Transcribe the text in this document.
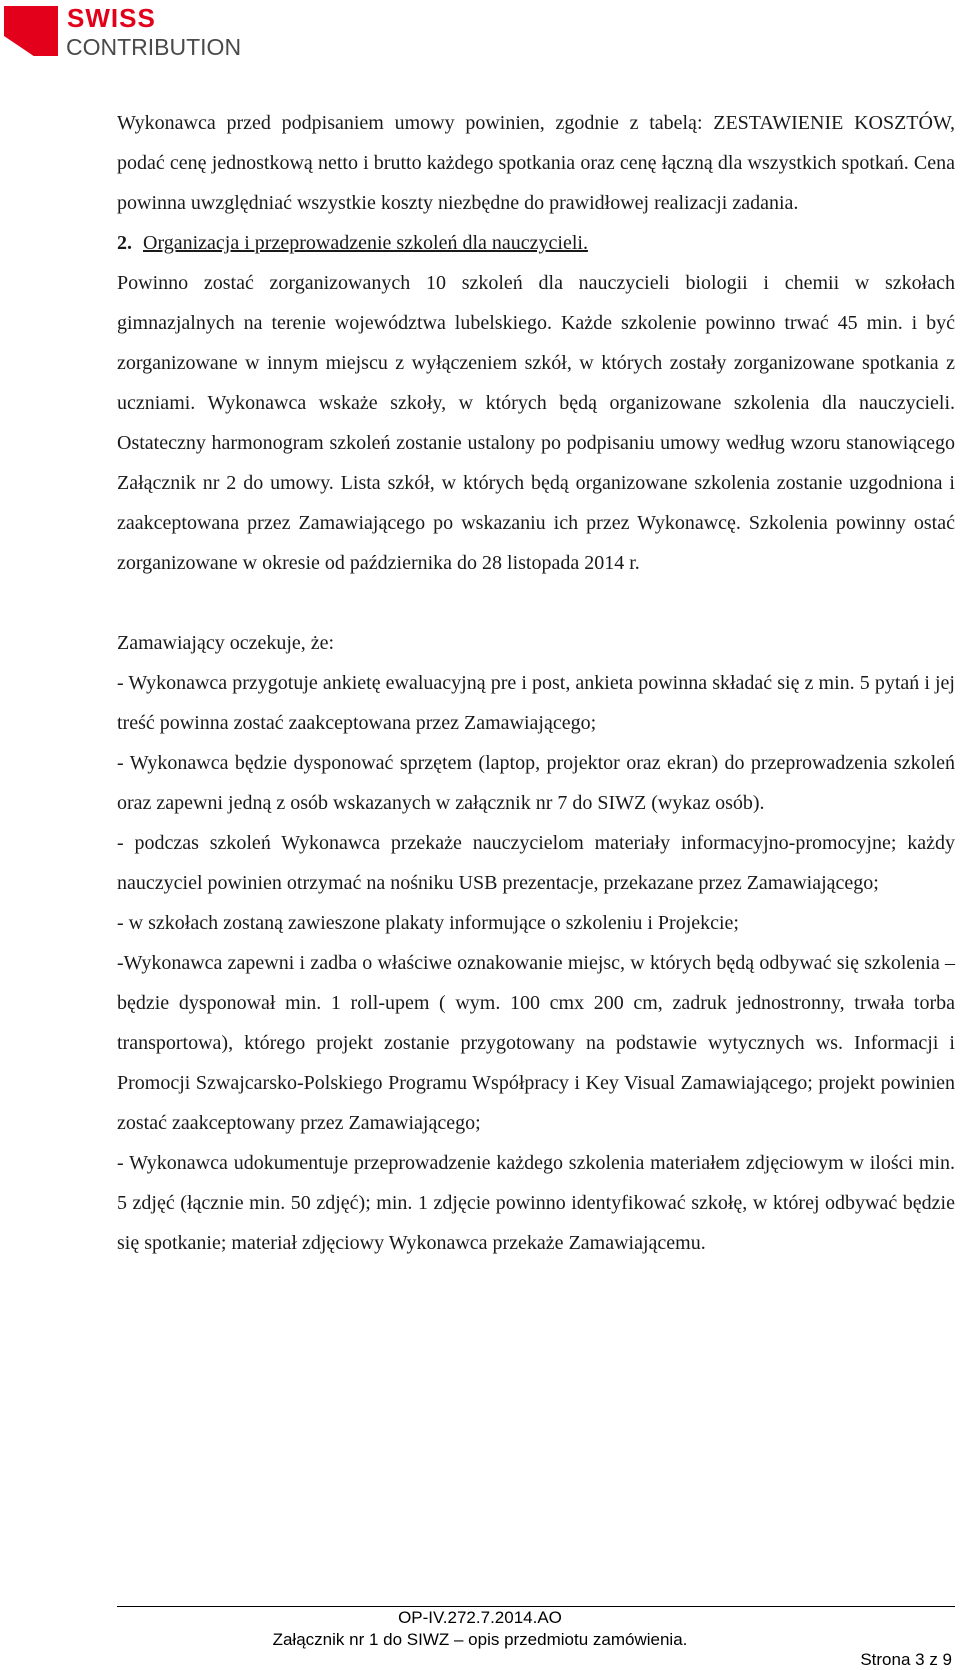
SWISS
CONTRIBUTION

Wykonawca przed podpisaniem umowy powinien, zgodnie z tabelą: ZESTAWIENIE KOSZTÓW, podać cenę jednostkową netto i brutto każdego spotkania oraz cenę łączną dla wszystkich spotkań. Cena powinna uwzględniać wszystkie koszty niezbędne do prawidłowej realizacji zadania.

2. Organizacja i przeprowadzenie szkoleń dla nauczycieli.

Powinno zostać zorganizowanych 10 szkoleń dla nauczycieli biologii i chemii w szkołach gimnazjalnych na terenie województwa lubelskiego. Każde szkolenie powinno trwać 45 min. i być zorganizowane w innym miejscu z wyłączeniem szkół, w których zostały zorganizowane spotkania z uczniami. Wykonawca wskaże szkoły, w których będą organizowane szkolenia dla nauczycieli. Ostateczny harmonogram szkoleń zostanie ustalony po podpisaniu umowy według wzoru stanowiącego Załącznik nr 2 do umowy. Lista szkół, w których będą organizowane szkolenia zostanie uzgodniona i zaakceptowana przez Zamawiającego po wskazaniu ich przez Wykonawcę. Szkolenia powinny ostać zorganizowane w okresie od października do 28 listopada 2014 r.

Zamawiający oczekuje, że:

- Wykonawca przygotuje ankietę ewaluacyjną pre i post, ankieta powinna składać się z min. 5 pytań i jej treść powinna zostać zaakceptowana przez Zamawiającego;

- Wykonawca będzie dysponować sprzętem (laptop, projektor oraz ekran) do przeprowadzenia szkoleń oraz zapewni jedną z osób wskazanych w załącznik nr 7 do SIWZ (wykaz osób).

- podczas szkoleń Wykonawca przekaże nauczycielom materiały informacyjno-promocyjne; każdy nauczyciel powinien otrzymać na nośniku USB prezentacje, przekazane przez Zamawiającego;

- w szkołach zostaną zawieszone plakaty informujące o szkoleniu i Projekcie;

-Wykonawca zapewni i zadba o właściwe oznakowanie miejsc, w których będą odbywać się szkolenia – będzie dysponował min. 1 roll-upem ( wym. 100 cmx 200 cm, zadruk jednostronny, trwała torba transportowa), którego projekt zostanie przygotowany na podstawie wytycznych ws. Informacji i Promocji Szwajcarsko-Polskiego Programu Współpracy i Key Visual Zamawiającego; projekt powinien zostać zaakceptowany przez Zamawiającego;

- Wykonawca udokumentuje przeprowadzenie każdego szkolenia materiałem zdjęciowym w ilości min. 5 zdjęć (łącznie min. 50 zdjęć); min. 1 zdjęcie powinno identyfikować szkołę, w której odbywać będzie się spotkanie; materiał zdjęciowy Wykonawca przekaże Zamawiającemu.

OP-IV.272.7.2014.AO
Załącznik nr 1 do SIWZ – opis przedmiotu zamówienia.
Strona 3 z 9
